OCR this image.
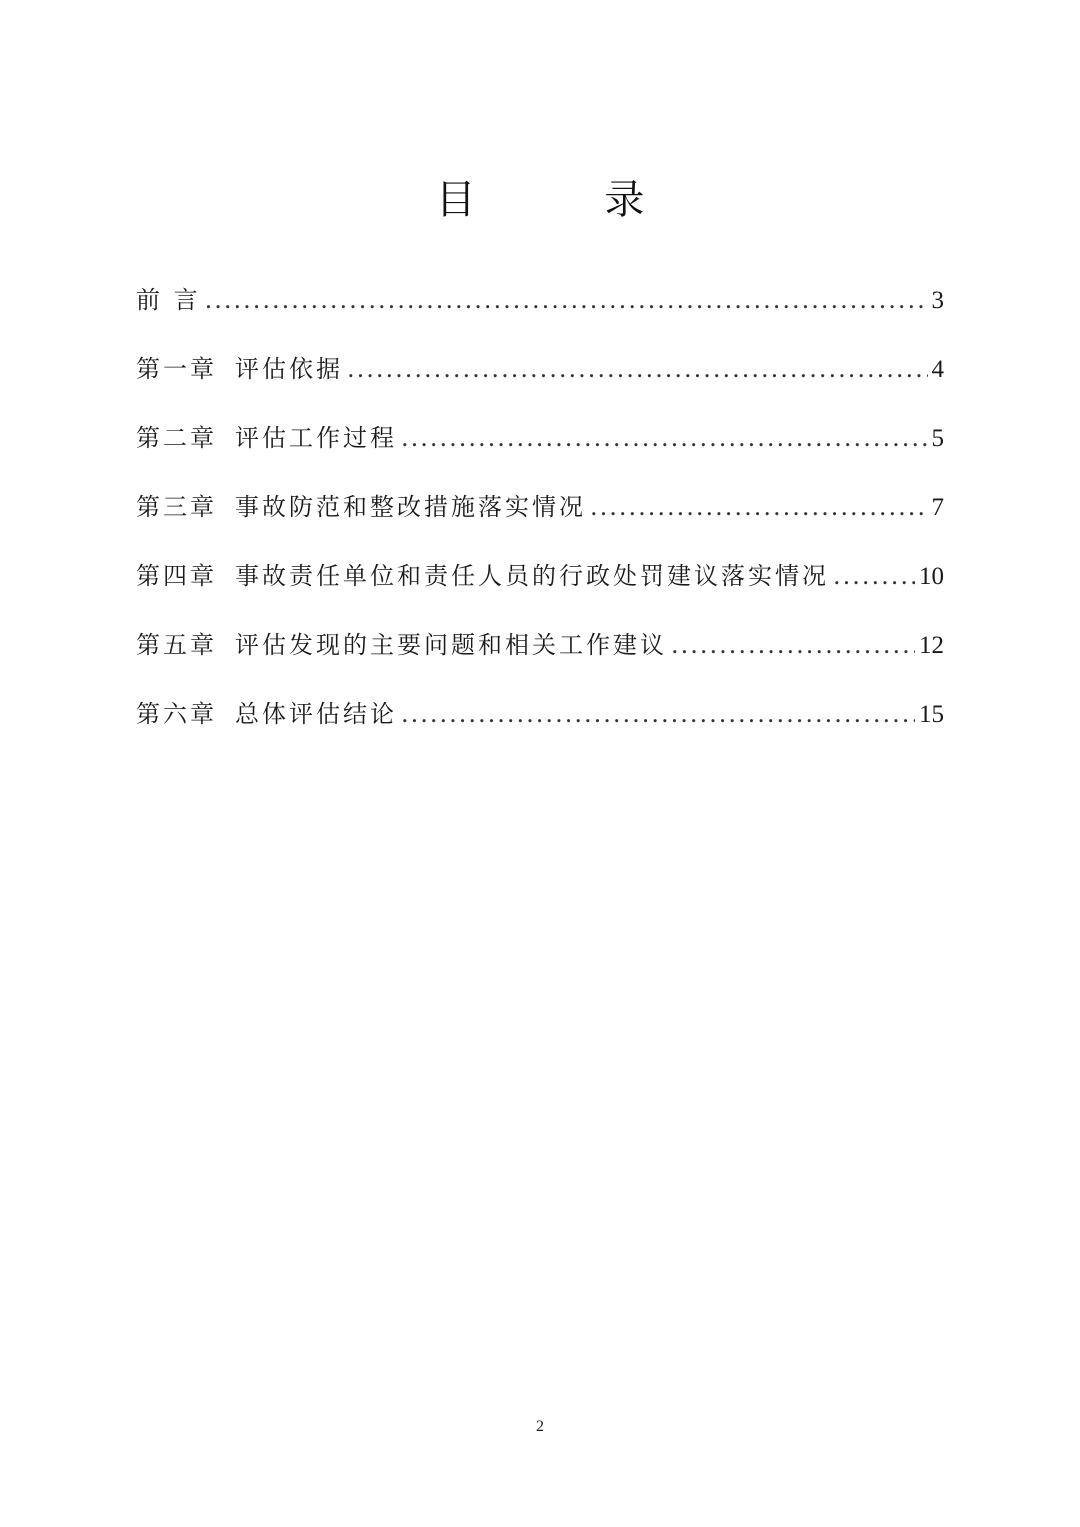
目 录
前 言 .....	3
第一章 评估依据 .....	4
第二章 评估工作过程 .....	5
第三章 事故防范和整改措施落实情况 .....	7
第四章 事故责任单位和责任人员的行政处罚建议落实情况 .....	10
第五章 评估发现的主要问题和相关工作建议 .....	12
第六章 总体评估结论 .....	15
2
